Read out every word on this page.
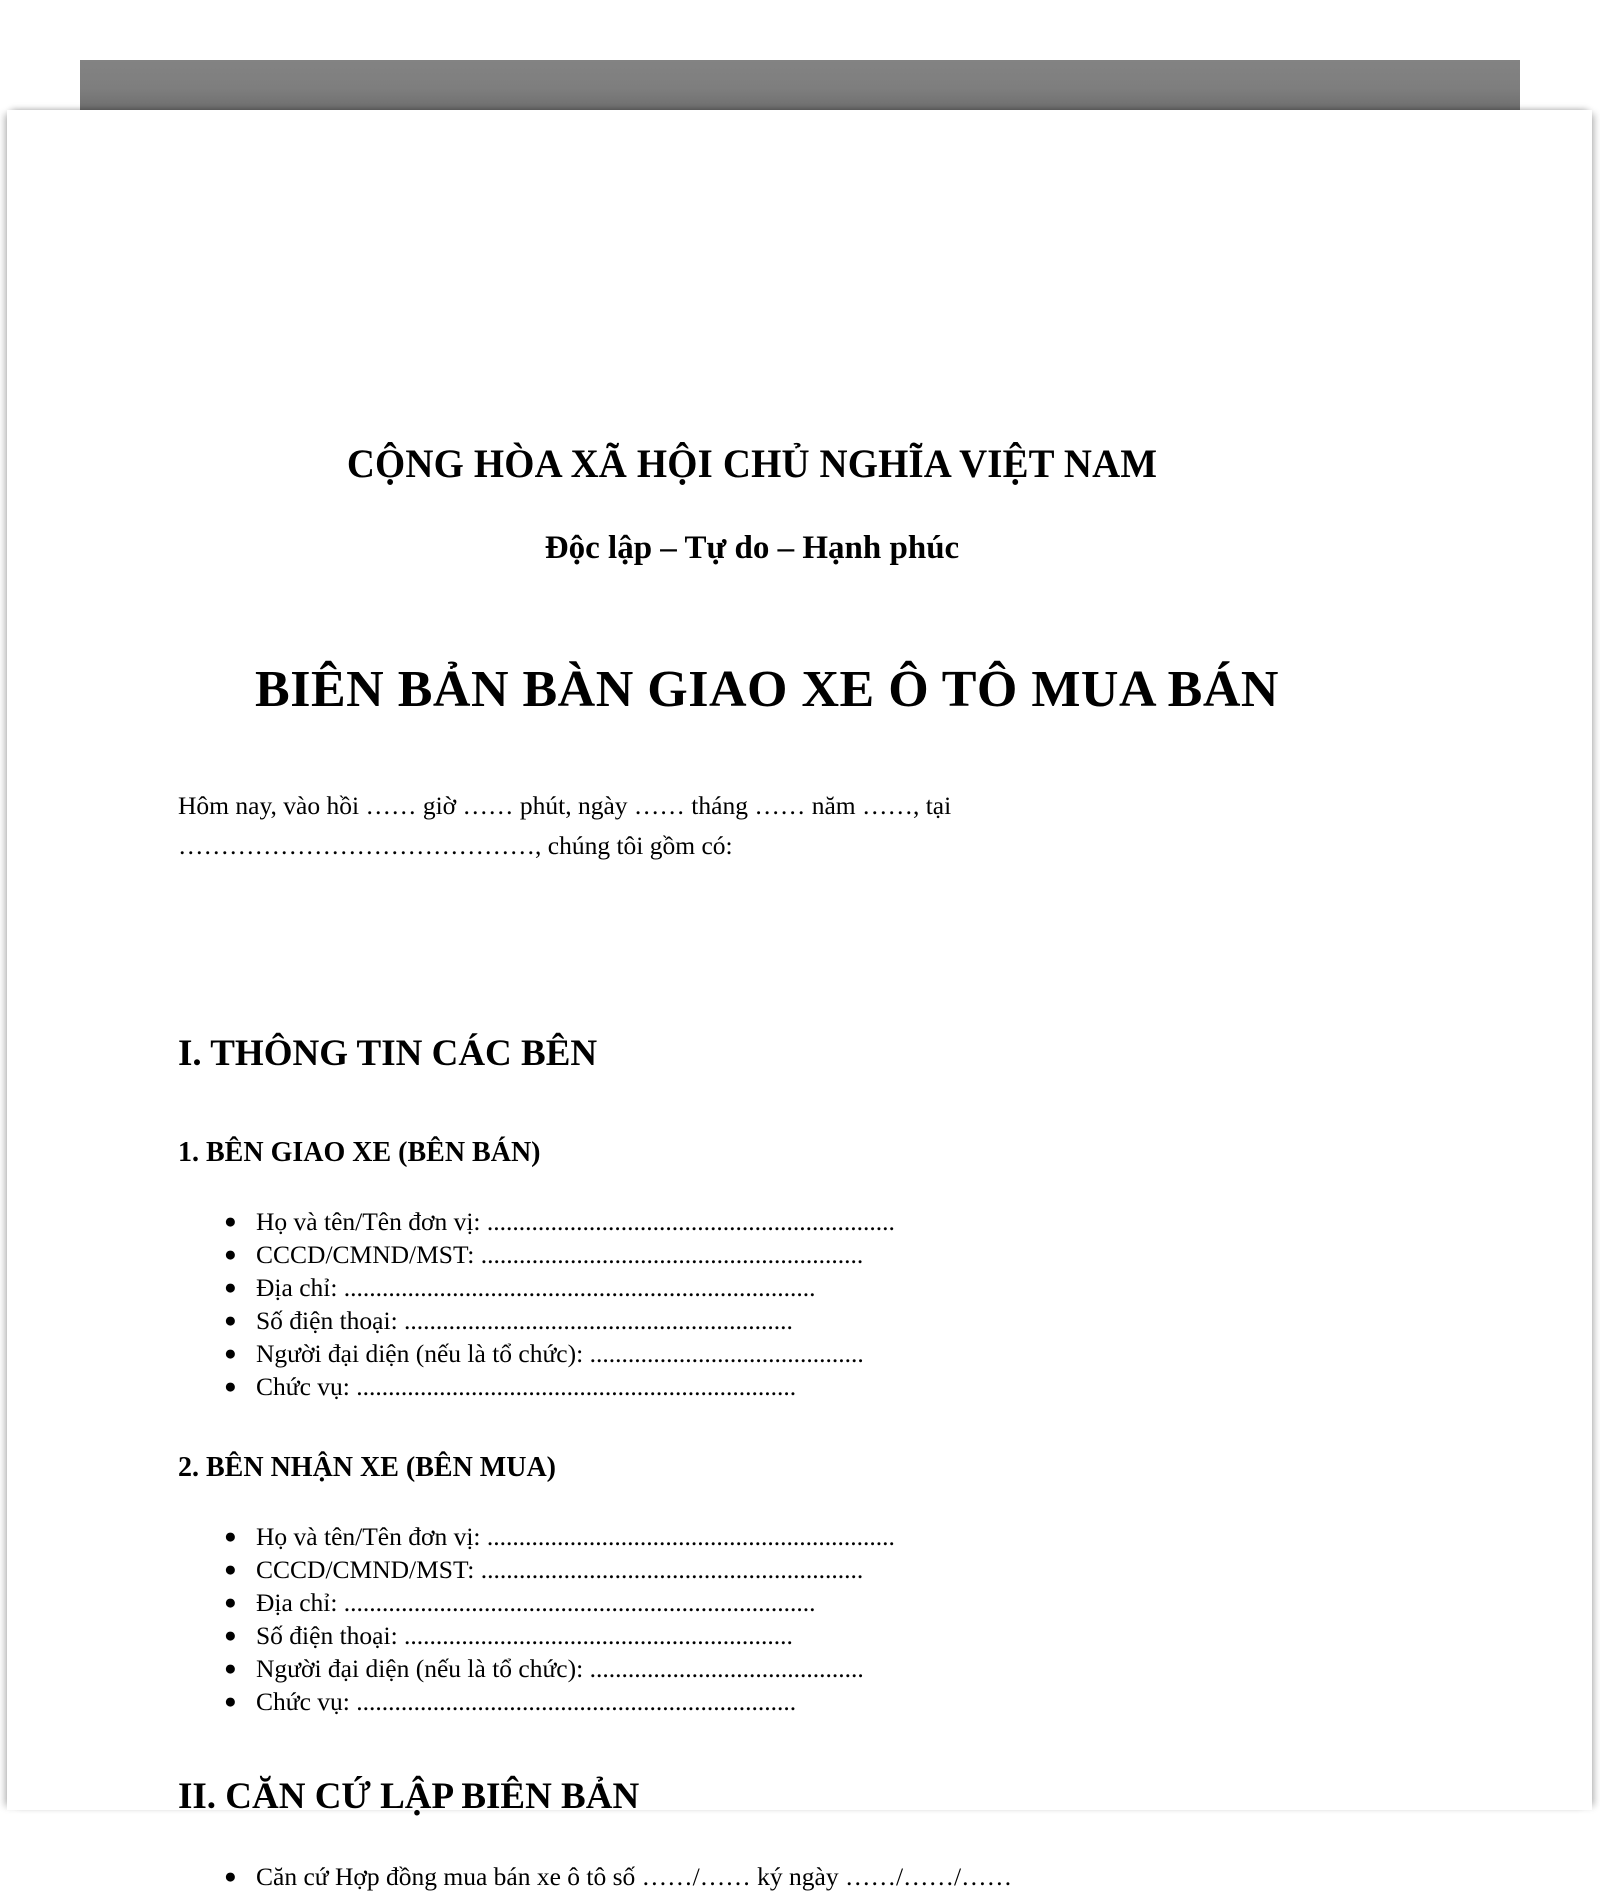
CỘNG HÒA XÃ HỘI CHỦ NGHĨA VIỆT NAM
Độc lập – Tự do – Hạnh phúc
BIÊN BẢN BÀN GIAO XE Ô TÔ MUA BÁN

Hôm nay, vào hồi …… giờ …… phút, ngày …… tháng …… năm ……, tại
……………………………………, chúng tôi gồm có:

I. THÔNG TIN CÁC BÊN
1. BÊN GIAO XE (BÊN BÁN)
● Họ và tên/Tên đơn vị: ................................................................
● CCCD/CMND/MST: ............................................................
● Địa chỉ: ..........................................................................
● Số điện thoại: .............................................................
● Người đại diện (nếu là tổ chức): ...........................................
● Chức vụ: .....................................................................
2. BÊN NHẬN XE (BÊN MUA)
● Họ và tên/Tên đơn vị: ................................................................
● CCCD/CMND/MST: ............................................................
● Địa chỉ: ..........................................................................
● Số điện thoại: .............................................................
● Người đại diện (nếu là tổ chức): ...........................................
● Chức vụ: .....................................................................
II. CĂN CỨ LẬP BIÊN BẢN
● Căn cứ Hợp đồng mua bán xe ô tô số ……/…… ký ngày ……/……/……
